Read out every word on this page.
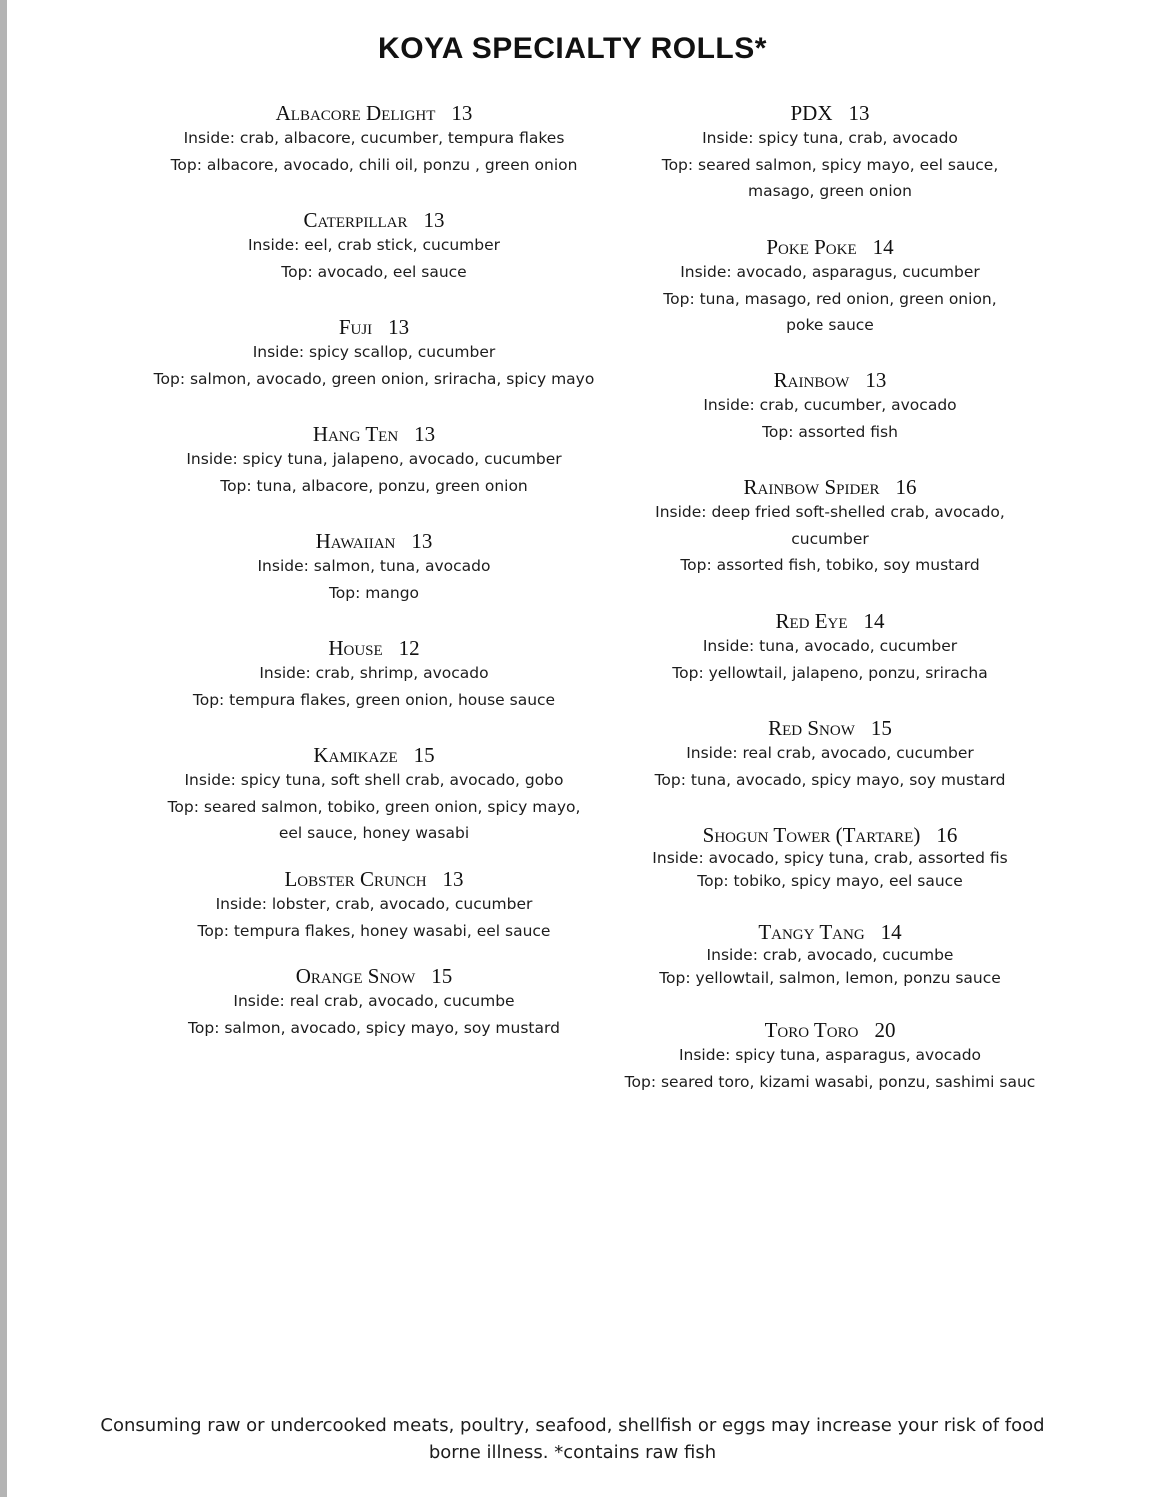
KOYA SPECIALTY ROLLS*
Albacore Delight 13
Inside: crab, albacore, cucumber, tempura flakes
Top: albacore, avocado, chili oil, ponzu , green onion
Caterpillar 13
Inside: eel, crab stick, cucumber
Top: avocado, eel sauce
Fuji 13
Inside: spicy scallop, cucumber
Top: salmon, avocado, green onion, sriracha, spicy mayo
Hang Ten 13
Inside: spicy tuna, jalapeno, avocado, cucumber
Top: tuna, albacore, ponzu, green onion
Hawaiian 13
Inside: salmon, tuna, avocado
Top: mango
House 12
Inside: crab, shrimp, avocado
Top: tempura flakes, green onion, house sauce
Kamikaze 15
Inside: spicy tuna, soft shell crab, avocado, gobo
Top: seared salmon, tobiko, green onion, spicy mayo,
eel sauce, honey wasabi
Lobster Crunch 13
Inside: lobster, crab, avocado, cucumber
Top: tempura flakes, honey wasabi, eel sauce
Orange Snow 15
Inside: real crab, avocado, cucumbe
Top: salmon, avocado, spicy mayo, soy mustard
PDX 13
Inside: spicy tuna, crab, avocado
Top: seared salmon, spicy mayo, eel sauce,
masago, green onion
Poke Poke 14
Inside: avocado, asparagus, cucumber
Top: tuna, masago, red onion, green onion,
poke sauce
Rainbow 13
Inside: crab, cucumber, avocado
Top: assorted fish
Rainbow Spider 16
Inside: deep fried soft-shelled crab, avocado,
cucumber
Top: assorted fish, tobiko, soy mustard
Red Eye 14
Inside: tuna, avocado, cucumber
Top: yellowtail, jalapeno, ponzu, sriracha
Red Snow 15
Inside: real crab, avocado, cucumber
Top: tuna, avocado, spicy mayo, soy mustard
Shogun Tower (Tartare) 16
Inside: avocado, spicy tuna, crab, assorted fis
Top: tobiko, spicy mayo, eel sauce
Tangy Tang 14
Inside: crab, avocado, cucumbe
Top: yellowtail, salmon, lemon, ponzu sauce
Toro Toro 20
Inside: spicy tuna, asparagus, avocado
Top: seared toro, kizami wasabi, ponzu, sashimi sauc
Consuming raw or undercooked meats, poultry, seafood, shellfish or eggs may increase your risk of food
borne illness. *contains raw fish
